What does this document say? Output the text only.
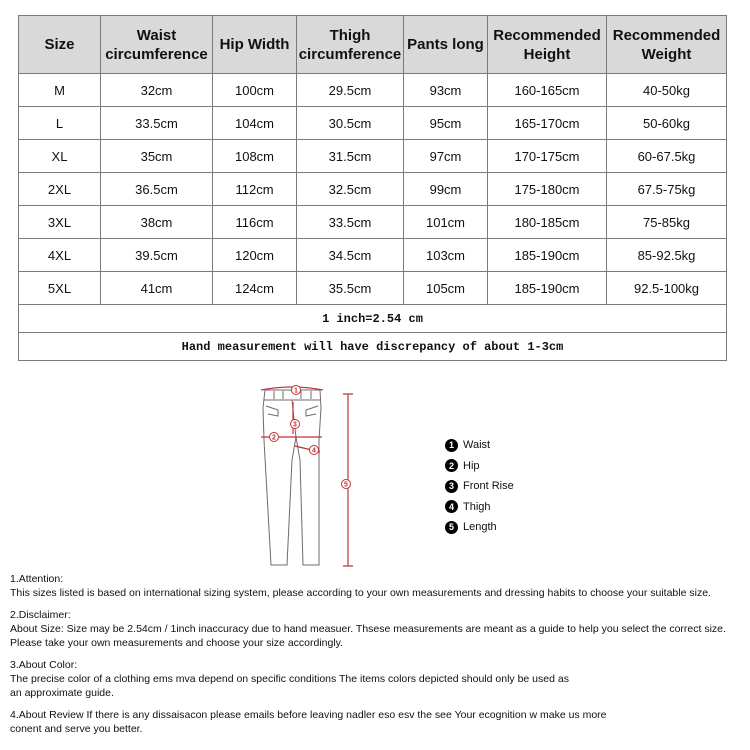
Size	Waist circumference	Hip Width	Thigh circumference	Pants long	Recommended Height	Recommended Weight
M	32cm	100cm	29.5cm	93cm	160-165cm	40-50kg
L	33.5cm	104cm	30.5cm	95cm	165-170cm	50-60kg
XL	35cm	108cm	31.5cm	97cm	170-175cm	60-67.5kg
2XL	36.5cm	112cm	32.5cm	99cm	175-180cm	67.5-75kg
3XL	38cm	116cm	33.5cm	101cm	180-185cm	75-85kg
4XL	39.5cm	120cm	34.5cm	103cm	185-190cm	85-92.5kg
5XL	41cm	124cm	35.5cm	105cm	185-190cm	92.5-100kg
1 inch=2.54 cm						
Hand measurement will have discrepancy of about 1-3cm						
1
2
3
4
5
1 Waist
2 Hip
3 Front Rise
4 Thigh
5 Length

1.Attention:
This sizes listed is based on international sizing system, please according to your own measurements and dressing habits to choose your suitable size.

2.Disclaimer:
About Size: Size may be 2.54cm / 1inch inaccuracy due to hand measuer. Thsese measurements are meant as a guide to help you select the correct size.
Please take your own measurements and choose your size accordingly.

3.About Color:
The precise color of a clothing ems mva depend on specific conditions The items colors depicted should only be used as
an approximate guide.

4.About Review If there is any dissaisacon please emails before leaving nadler eso esv the see Your ecognition w make us more
conent and serve you better.
